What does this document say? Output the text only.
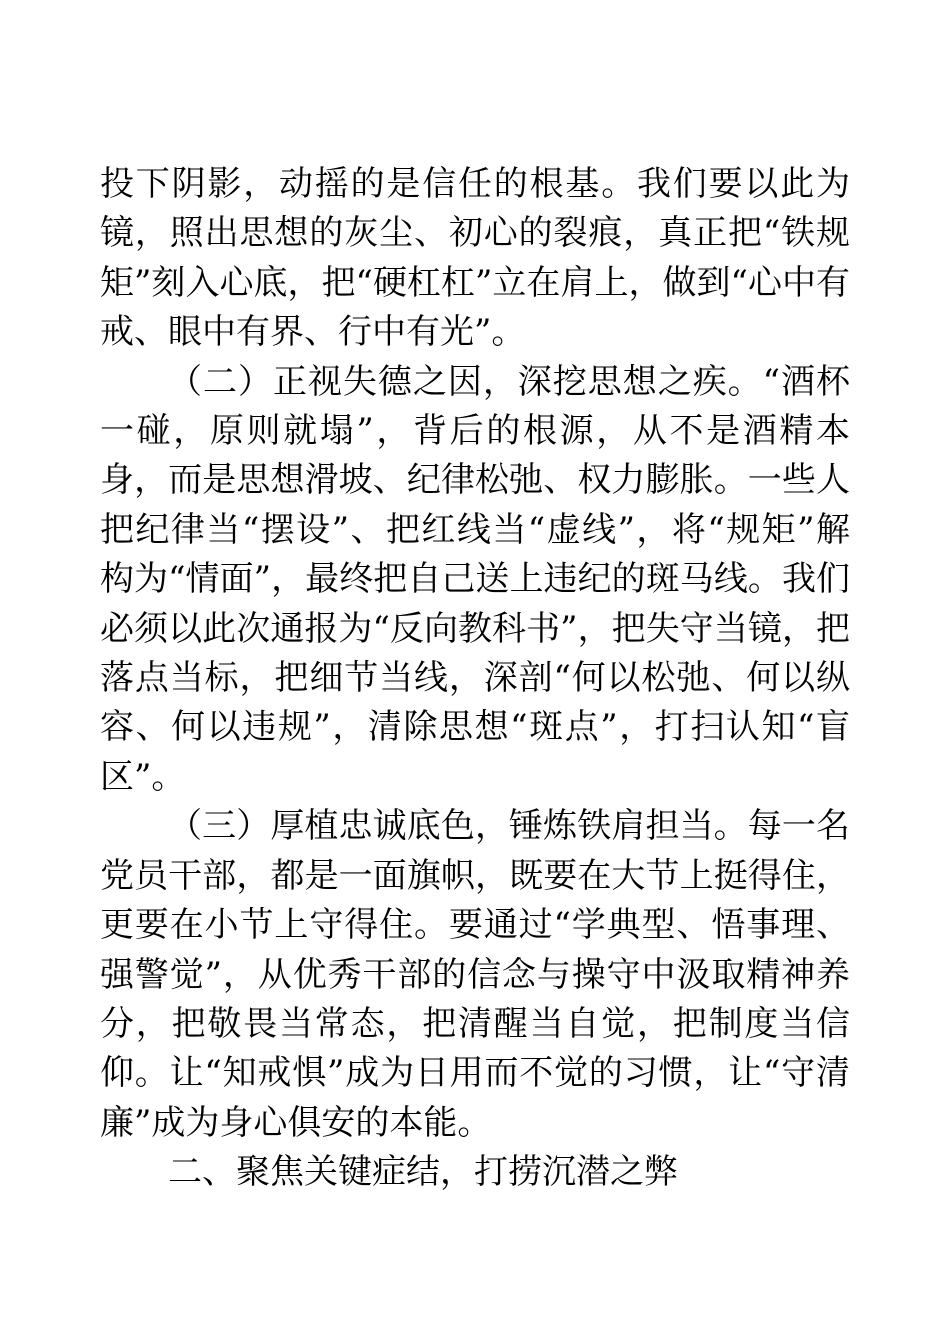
投下阴影，动摇的是信任的根基。我们要以此为镜，照出思想的灰尘、初心的裂痕，真正把“铁规矩”刻入心底，把“硬杠杠”立在肩上，做到“心中有戒、眼中有界、行中有光”。

（二）正视失德之因，深挖思想之疾。“酒杯一碰，原则就塌”，背后的根源，从不是酒精本身，而是思想滑坡、纪律松弛、权力膨胀。一些人把纪律当“摆设”、把红线当“虚线”，将“规矩”解构为“情面”，最终把自己送上违纪的斑马线。我们必须以此次通报为“反向教科书”，把失守当镜，把落点当标，把细节当线，深剖“何以松弛、何以纵容、何以违规”，清除思想“斑点”，打扫认知“盲区”。

（三）厚植忠诚底色，锤炼铁肩担当。每一名党员干部，都是一面旗帜，既要在大节上挺得住，更要在小节上守得住。要通过“学典型、悟事理、强警觉”，从优秀干部的信念与操守中汲取精神养分，把敬畏当常态，把清醒当自觉，把制度当信仰。让“知戒惧”成为日用而不觉的习惯，让“守清廉”成为身心俱安的本能。

二、聚焦关键症结，打捞沉潜之弊
